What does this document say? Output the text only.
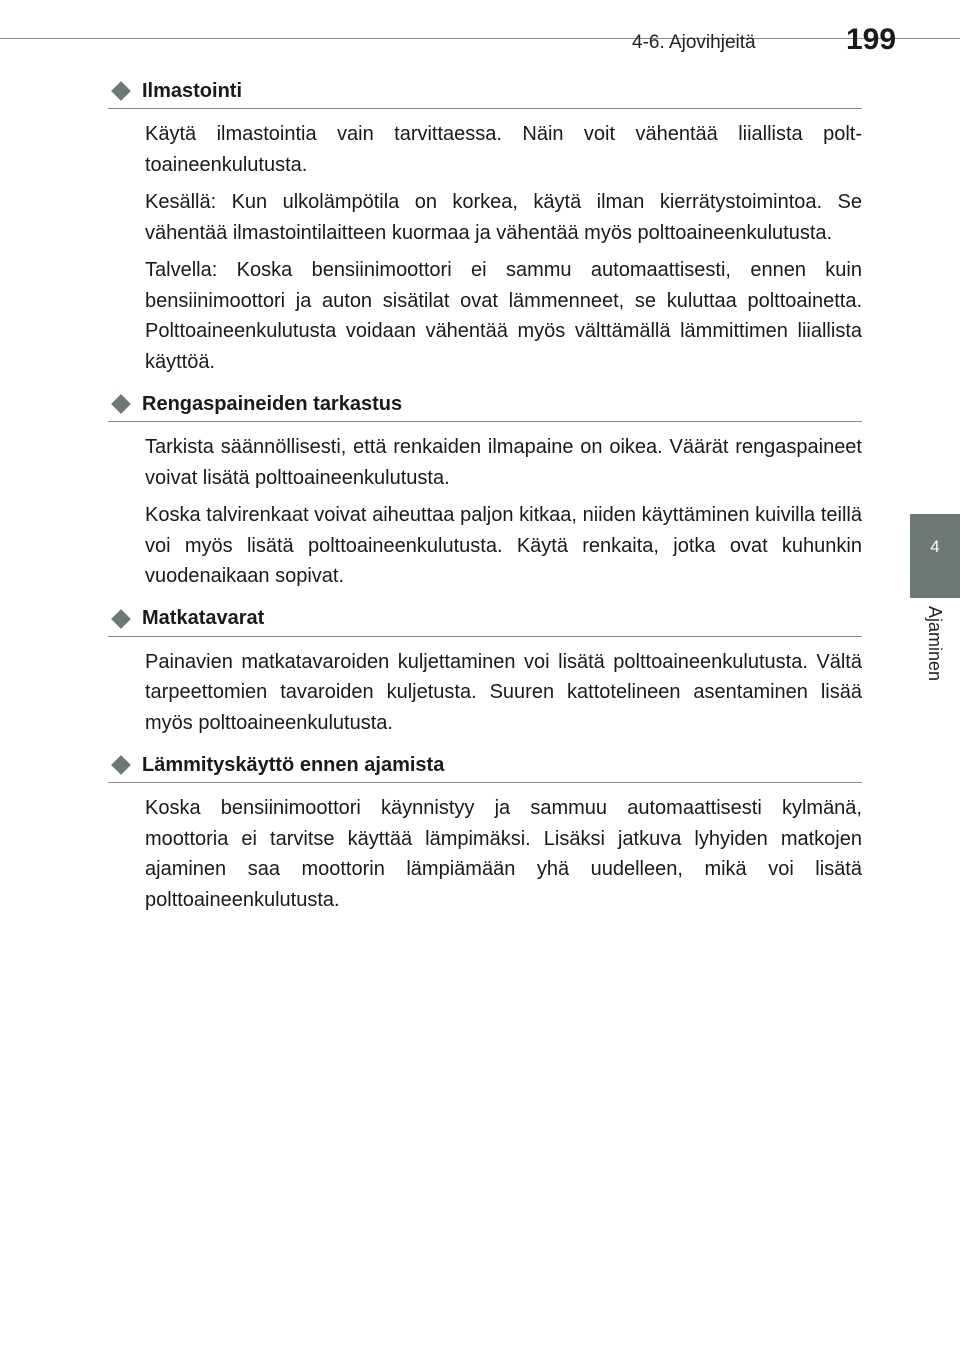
4-6. Ajovihjeitä	199
4
Ajaminen
Ilmastointi

Käytä ilmastointia vain tarvittaessa. Näin voit vähentää liiallista polttoaineenkulutusta.

Kesällä: Kun ulkolämpötila on korkea, käytä ilman kierrätystoimintoa. Se vähentää ilmastointilaitteen kuormaa ja vähentää myös polttoaineenkulutusta.

Talvella: Koska bensiinimoottori ei sammu automaattisesti, ennen kuin bensiinimoottori ja auton sisätilat ovat lämmenneet, se kuluttaa polttoainetta. Polttoaineenkulutusta voidaan vähentää myös välttämällä lämmittimen liiallista käyttöä.

Rengaspaineiden tarkastus

Tarkista säännöllisesti, että renkaiden ilmapaine on oikea. Väärät rengaspaineet voivat lisätä polttoaineenkulutusta.

Koska talvirenkaat voivat aiheuttaa paljon kitkaa, niiden käyttäminen kuivilla teillä voi myös lisätä polttoaineenkulutusta. Käytä renkaita, jotka ovat kuhunkin vuodenaikaan sopivat.

Matkatavarat

Painavien matkatavaroiden kuljettaminen voi lisätä polttoaineenkulutusta. Vältä tarpeettomien tavaroiden kuljetusta. Suuren kattotelineen asentaminen lisää myös polttoaineenkulutusta.

Lämmityskäyttö ennen ajamista

Koska bensiinimoottori käynnistyy ja sammuu automaattisesti kylmänä, moottoria ei tarvitse käyttää lämpimäksi. Lisäksi jatkuva lyhyiden matkojen ajaminen saa moottorin lämpiämään yhä uudelleen, mikä voi lisätä polttoaineenkulutusta.
